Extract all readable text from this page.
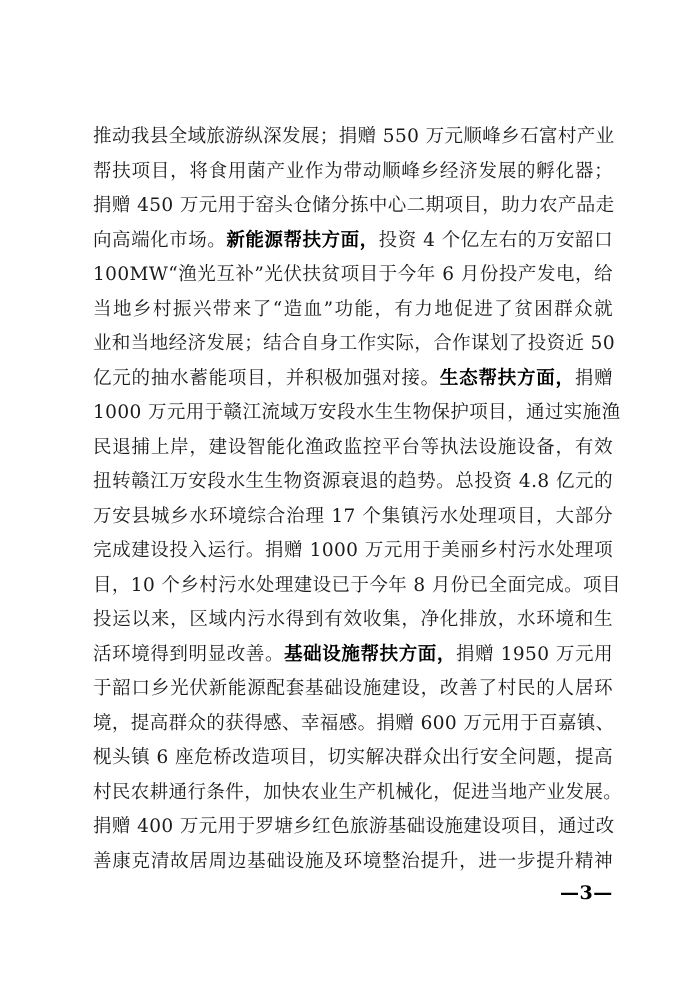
推动我县全域旅游纵深发展；捐赠 550 万元顺峰乡石富村产业
帮扶项目，将食用菌产业作为带动顺峰乡经济发展的孵化器；
捐赠 450 万元用于窑头仓储分拣中心二期项目，助力农产品走
向高端化市场。新能源帮扶方面，投资 4 个亿左右的万安韶口
100MW“渔光互补”光伏扶贫项目于今年 6 月份投产发电，给
当地乡村振兴带来了“造血”功能，有力地促进了贫困群众就
业和当地经济发展；结合自身工作实际，合作谋划了投资近 50
亿元的抽水蓄能项目，并积极加强对接。生态帮扶方面，捐赠
1000 万元用于赣江流域万安段水生生物保护项目，通过实施渔
民退捕上岸，建设智能化渔政监控平台等执法设施设备，有效
扭转赣江万安段水生生物资源衰退的趋势。总投资 4.8 亿元的
万安县城乡水环境综合治理 17 个集镇污水处理项目，大部分
完成建设投入运行。捐赠 1000 万元用于美丽乡村污水处理项
目，10 个乡村污水处理建设已于今年 8 月份已全面完成。项目
投运以来，区域内污水得到有效收集，净化排放，水环境和生
活环境得到明显改善。基础设施帮扶方面，捐赠 1950 万元用
于韶口乡光伏新能源配套基础设施建设，改善了村民的人居环
境，提高群众的获得感、幸福感。捐赠 600 万元用于百嘉镇、
枧头镇 6 座危桥改造项目，切实解决群众出行安全问题，提高
村民农耕通行条件，加快农业生产机械化，促进当地产业发展。
捐赠 400 万元用于罗塘乡红色旅游基础设施建设项目，通过改
善康克清故居周边基础设施及环境整治提升，进一步提升精神
—3—
